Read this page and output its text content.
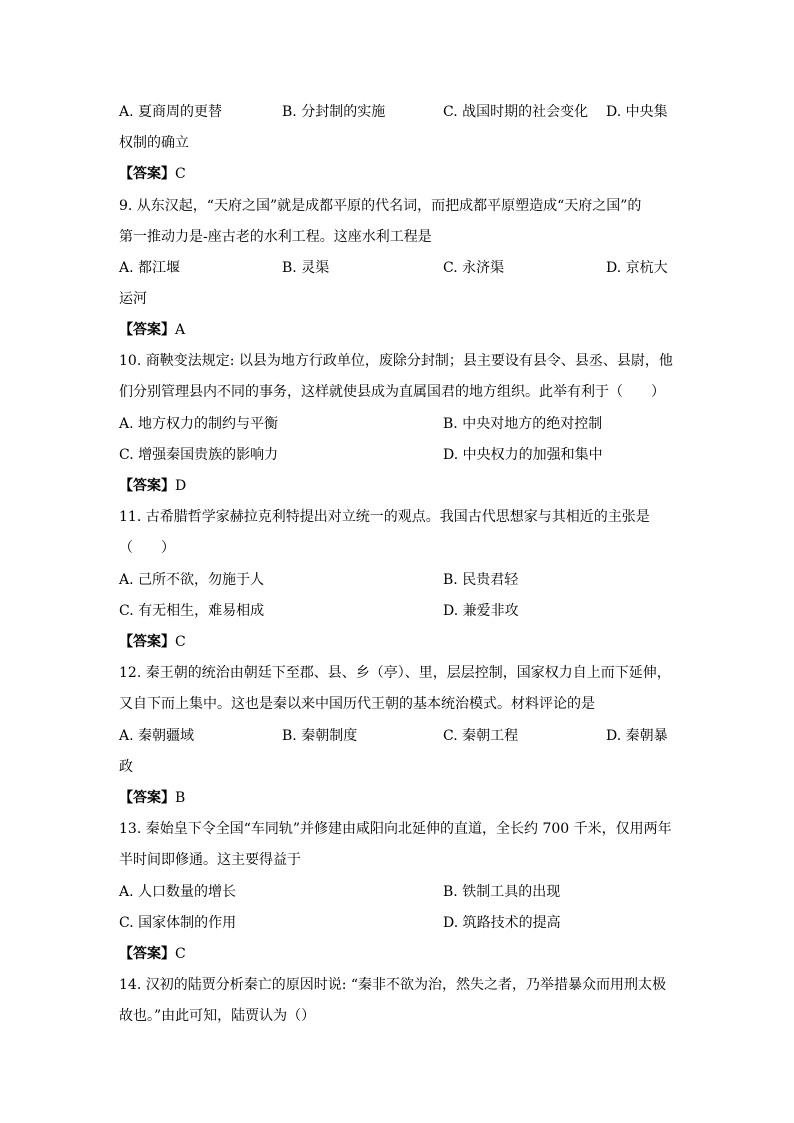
A. 夏商周的更替	B. 分封制的实施	C. 战国时期的社会变化 D. 中央集
权制的确立
【答案】C
9. 从东汉起，“天府之国”就是成都平原的代名词，而把成都平原塑造成“天府之国”的
第一推动力是-座古老的水利工程。这座水利工程是
A. 都江堰	B. 灵渠	C. 永济渠	D. 京杭大
运河
【答案】A
10. 商鞅变法规定: 以县为地方行政单位，废除分封制；县主要设有县令、县丞、县尉，他
们分别管理县内不同的事务，这样就使县成为直属国君的地方组织。此举有利于（　　）
A. 地方权力的制约与平衡	B. 中央对地方的绝对控制
C. 增强秦国贵族的影响力	D. 中央权力的加强和集中
【答案】D
11. 古希腊哲学家赫拉克利特提出对立统一的观点。我国古代思想家与其相近的主张是
（　　）
A. 己所不欲，勿施于人	B. 民贵君轻
C. 有无相生，难易相成	D. 兼爱非攻
【答案】C
12. 秦王朝的统治由朝廷下至郡、县、乡（亭）、里，层层控制，国家权力自上而下延伸，
又自下而上集中。这也是秦以来中国历代王朝的基本统治模式。材料评论的是
A. 秦朝疆域	B. 秦朝制度	C. 秦朝工程	D. 秦朝暴
政
【答案】B
13. 秦始皇下令全国“车同轨”并修建由咸阳向北延伸的直道，全长约 700 千米，仅用两年
半时间即修通。这主要得益于
A. 人口数量的增长	B. 铁制工具的出现
C. 国家体制的作用	D. 筑路技术的提高
【答案】C
14. 汉初的陆贾分析秦亡的原因时说: “秦非不欲为治，然失之者，乃举措暴众而用刑太极
故也。”由此可知，陆贾认为（）
